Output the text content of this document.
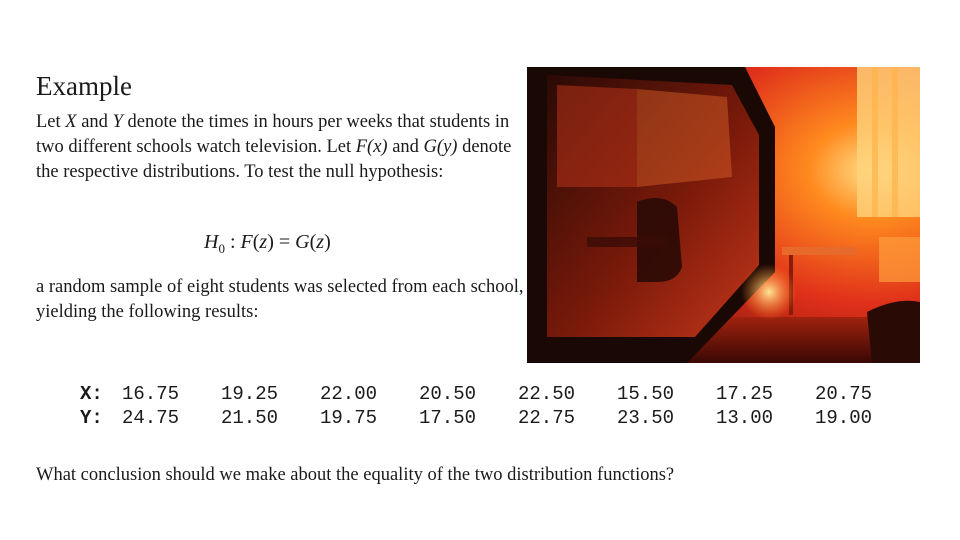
Example

Let X and Y denote the times in hours per weeks that students in two different schools watch television. Let F(x) and G(y) denote the respective distributions. To test the null hypothesis:

$H_0$ : F(z) = G(z)

a random sample of eight students was selected from each school, yielding the following results:

X:	16.75	19.25	22.00	20.50	22.50	15.50	17.25	20.75
Y:	24.75	21.50	19.75	17.50	22.75	23.50	13.00	19.00

What conclusion should we make about the equality of the two distribution functions?
